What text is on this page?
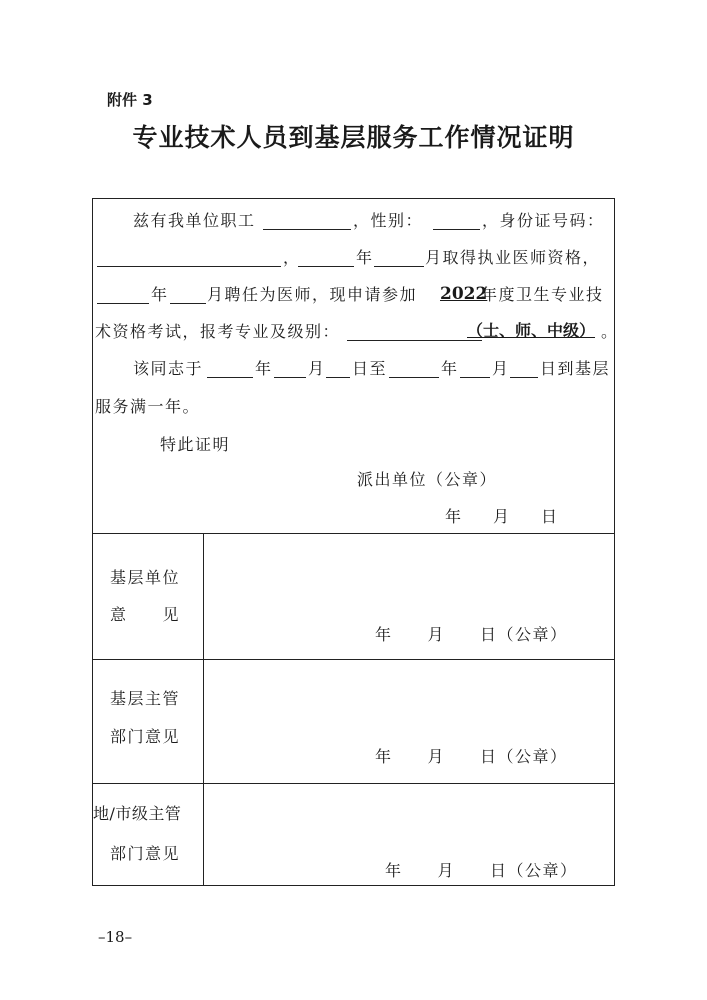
附件 3
专业技术人员到基层服务工作情况证明
兹有我单位职工	，性别：	，身份证号码：
，	年	月取得执业医师资格，
年 月聘任为医师，现申请参加 2022
年度卫生专业技
术资格考试，报考专业及级别：	（士、师、中级） 。
该同志于	年 月 日至	年 月 日到基层
服务满一年。
特此证明
派出单位（公章）
年 月 日
基层单位
意　　见
年　　月　　日（公章）
基层主管
部门意见
年　　月　　日（公章）
地/市级主管
部门意见
年　　月　　日（公章）
–18–
